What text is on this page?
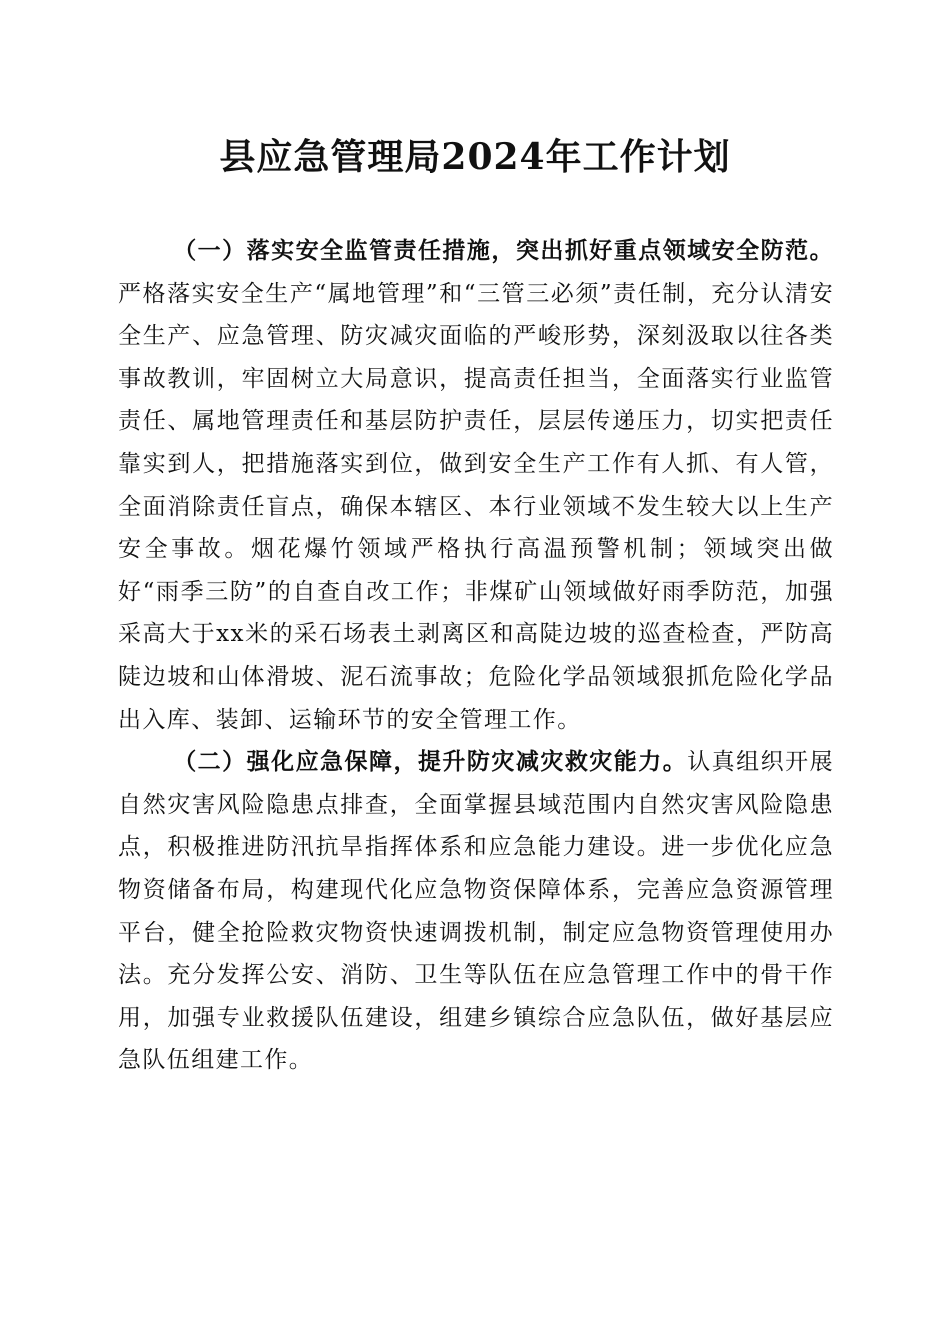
县应急管理局2024年工作计划

（一）落实安全监管责任措施，突出抓好重点领域安全防范。严格落实安全生产“属地管理”和“三管三必须”责任制，充分认清安全生产、应急管理、防灾减灾面临的严峻形势，深刻汲取以往各类事故教训，牢固树立大局意识，提高责任担当，全面落实行业监管责任、属地管理责任和基层防护责任，层层传递压力，切实把责任靠实到人，把措施落实到位，做到安全生产工作有人抓、有人管，全面消除责任盲点，确保本辖区、本行业领域不发生较大以上生产安全事故。烟花爆竹领域严格执行高温预警机制；领域突出做好“雨季三防”的自查自改工作；非煤矿山领域做好雨季防范，加强采高大于xx米的采石场表土剥离区和高陡边坡的巡查检查，严防高陡边坡和山体滑坡、泥石流事故；危险化学品领域狠抓危险化学品出入库、装卸、运输环节的安全管理工作。

（二）强化应急保障，提升防灾减灾救灾能力。认真组织开展自然灾害风险隐患点排查，全面掌握县域范围内自然灾害风险隐患点，积极推进防汛抗旱指挥体系和应急能力建设。进一步优化应急物资储备布局，构建现代化应急物资保障体系，完善应急资源管理平台，健全抢险救灾物资快速调拨机制，制定应急物资管理使用办法。充分发挥公安、消防、卫生等队伍在应急管理工作中的骨干作用，加强专业救援队伍建设，组建乡镇综合应急队伍，做好基层应急队伍组建工作。
